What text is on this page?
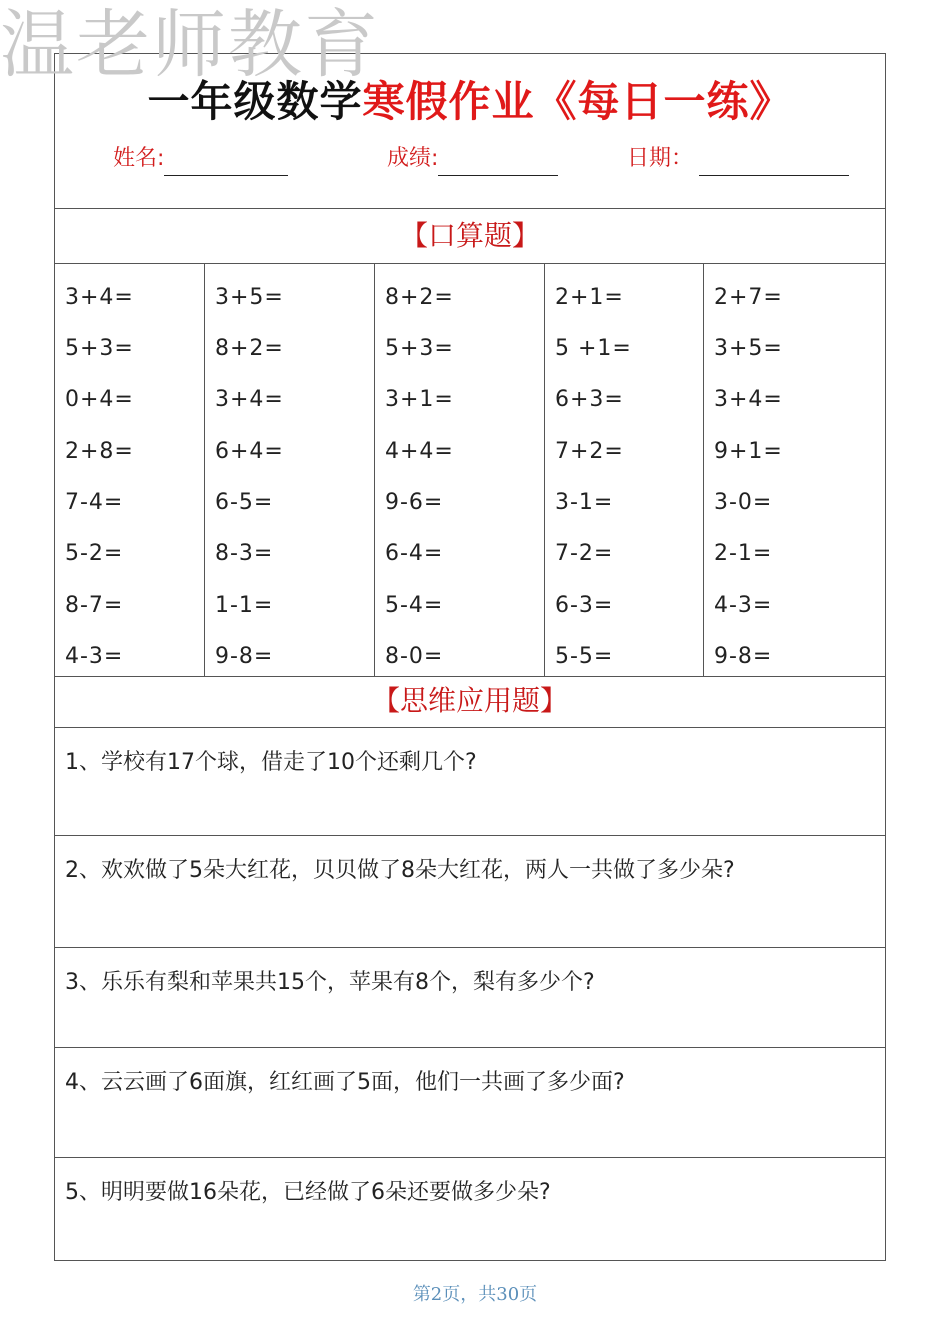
温老师教育
一年级数学寒假作业《每日一练》
姓名:	成绩:	日期：
【口算题】
3+4=
5+3=
0+4=
2+8=
7-4=
5-2=
8-7=
4-3=
3+5=
8+2=
3+4=
6+4=
6-5=
8-3=
1-1=
9-8=
8+2=
5+3=
3+1=
4+4=
9-6=
6-4=
5-4=
8-0=
2+1=
5 +1=
6+3=
7+2=
3-1=
7-2=
6-3=
5-5=
2+7=
3+5=
3+4=
9+1=
3-0=
2-1=
4-3=
9-8=
【思维应用题】
1、学校有17个球，借走了10个还剩几个?
2、欢欢做了5朵大红花，贝贝做了8朵大红花，两人一共做了多少朵?
3、乐乐有梨和苹果共15个，苹果有8个，梨有多少个?
4、云云画了6面旗，红红画了5面，他们一共画了多少面?
5、明明要做16朵花，已经做了6朵还要做多少朵?
第2页，共30页
